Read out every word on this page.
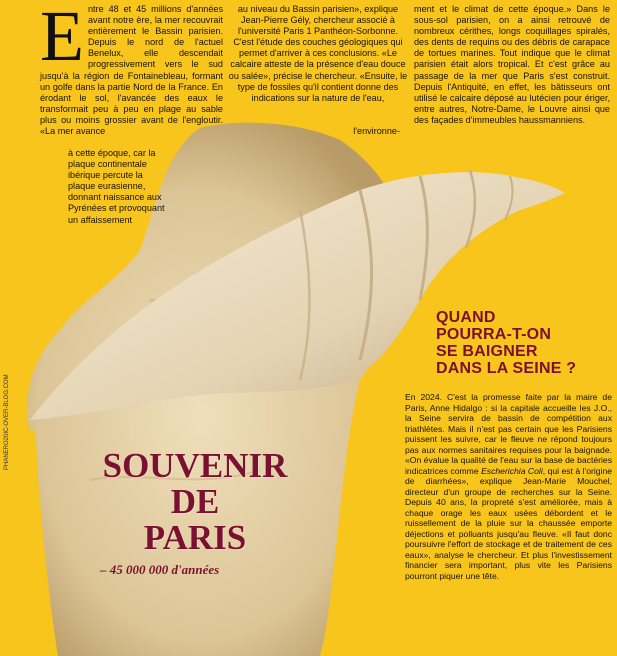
E ntre 48 et 45 millions d'années avant notre ère, la mer recouvrait entièrement le Bassin parisien. Depuis le nord de l'actuel Benelux, elle descendait progressivement vers le sud jusqu'à la région de Fontainebleau, formant un golfe dans la partie Nord de la France. En érodant le sol, l'avancée des eaux le transformait peu à peu en plage au sable plus ou moins grossier avant de l'engloutir. «La mer avance

à cette époque, car la plaque continentale ibérique percute la plaque eurasienne, donnant naissance aux Pyrénées et provoquant un affaissement

au niveau du Bassin parisien», explique Jean-Pierre Gély, chercheur associé à l'université Paris 1 Panthéon-Sorbonne. C'est l'étude des couches géologiques qui permet d'arriver à ces conclusions. «Le calcaire atteste de la présence d'eau douce ou salée», précise le chercheur. «Ensuite, le type de fossiles qu'il contient donne des indications sur la nature de l'eau,

l'environne-

ment et le climat de cette époque.» Dans le sous-sol parisien, on a ainsi retrouvé de nombreux cérithes, longs coquillages spiralés, des dents de requins ou des débris de carapace de tortues marines. Tout indique que le climat parisien était alors tropical. Et c'est grâce au passage de la mer que Paris s'est construit. Depuis l'Antiquité, en effet, les bâtisseurs ont utilisé le calcaire déposé au lutécien pour ériger, entre autres, Notre-Dame, le Louvre ainsi que des façades d'immeubles haussmanniens.

QUAND
POURRA-T-ON
SE BAIGNER
DANS LA SEINE ?
En 2024. C'est la promesse faite par la maire de Paris, Anne Hidalgo : si la capitale accueille les J.O., la Seine servira de bassin de compétition aux triathlètes. Mais il n'est pas certain que les Parisiens puissent les suivre, car le fleuve ne répond toujours pas aux normes sanitaires requises pour la baignade. «On évalue la qualité de l'eau sur la base de bactéries indicatrices comme Escherichia Coli, qui est à l'origine de diarrhées», explique Jean-Marie Mouchel, directeur d'un groupe de recherches sur la Seine. Depuis 40 ans, la propreté s'est améliorée, mais à chaque orage les eaux usées débordent et le ruissellement de la pluie sur la chaussée emporte déjections et polluants jusqu'au fleuve. «Il faut donc poursuivre l'effort de stockage et de traitement de ces eaux», analyse le chercheur. Et plus l'investissement financier sera important, plus vite les Parisiens pourront piquer une tête.
SOUVENIR
DE
PARIS
– 45 000 000 d'années
PHANERO20IC-OVER-BLOG.COM
